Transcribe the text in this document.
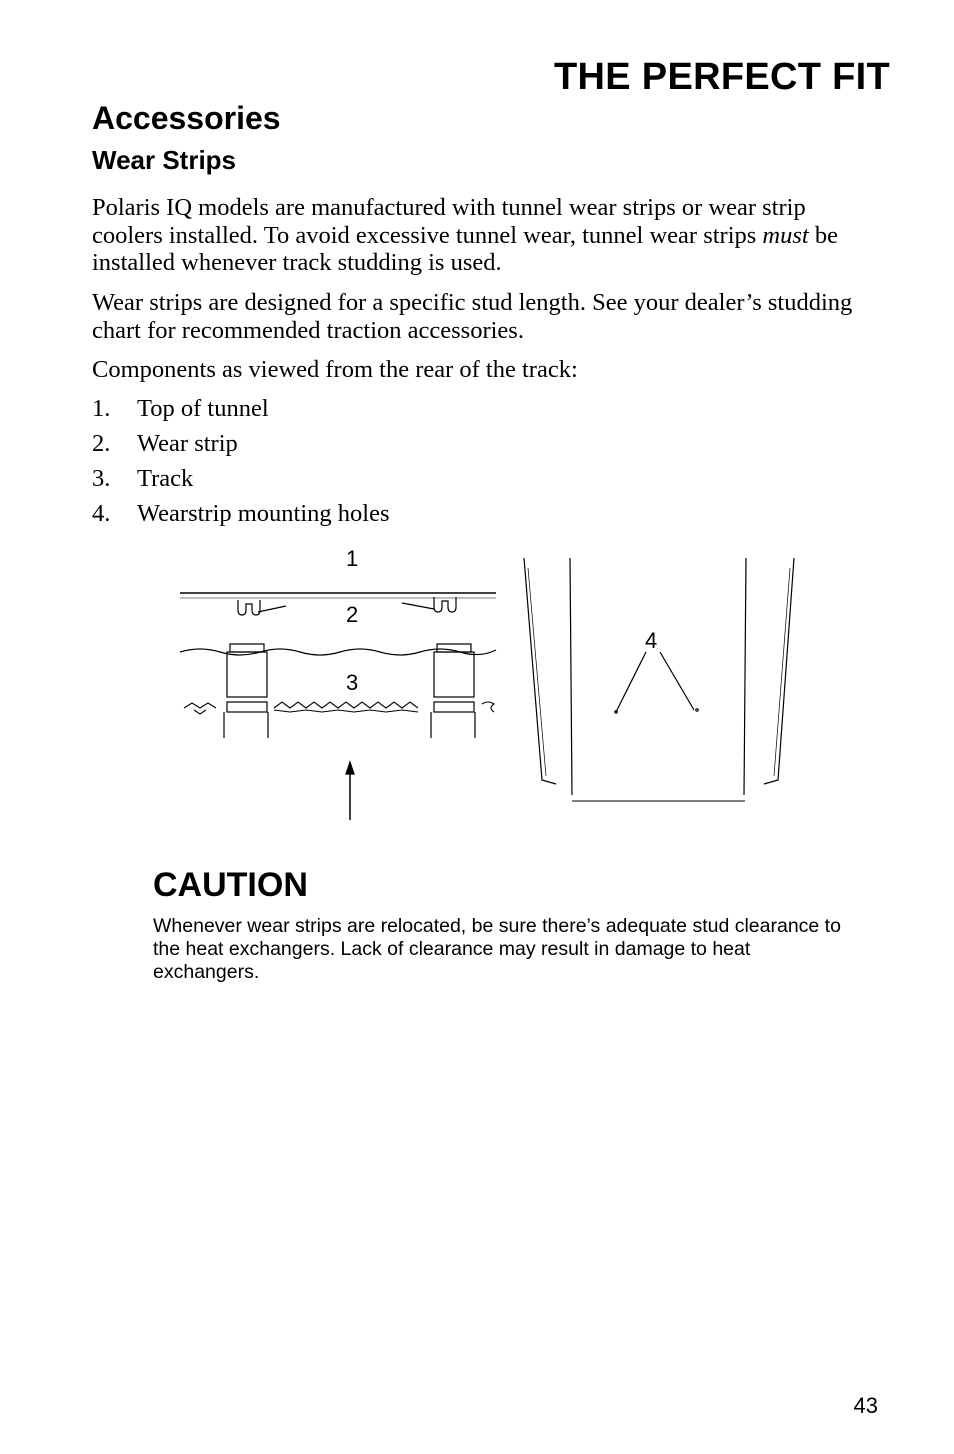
THE PERFECT FIT
Accessories
Wear Strips

Polaris IQ models are manufactured with tunnel wear strips or wear strip coolers installed. To avoid excessive tunnel wear, tunnel wear strips must be installed whenever track studding is used.

Wear strips are designed for a specific stud length. See your dealer’s studding chart for recommended traction accessories.

Components as viewed from the rear of the track:

1.	Top of tunnel
2.	Wear strip
3.	Track
4.	Wearstrip mounting holes
1
2
3
4
CAUTION

Whenever wear strips are relocated, be sure there’s adequate stud clearance to the heat exchangers. Lack of clearance may result in damage to heat exchangers.

43
